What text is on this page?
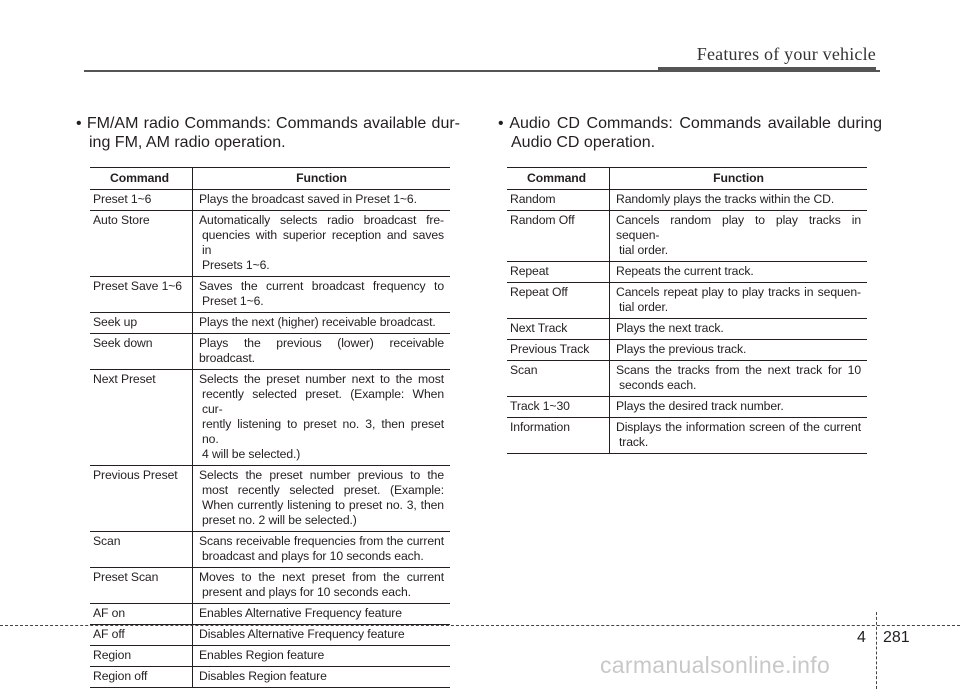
Features of your vehicle
• FM/AM radio Commands: Commands available dur-
ing FM, AM radio operation.
• Audio CD Commands: Commands available during
Audio CD operation.
Command	Function
Preset 1~6	Plays the broadcast saved in Preset 1~6.

Auto Store	Automatically selects radio broadcast fre-
quencies with superior reception and saves in
Presets 1~6.

Preset Save 1~6	Saves the current broadcast frequency to
Preset 1~6.

Seek up	Plays the next (higher) receivable broadcast.

Seek down	Plays the previous (lower) receivable broadcast.

Next Preset	Selects the preset number next to the most
recently selected preset. (Example: When cur-
rently listening to preset no. 3, then preset no.
4 will be selected.)

Previous Preset	Selects the preset number previous to the
most recently selected preset. (Example:
When currently listening to preset no. 3, then
preset no. 2 will be selected.)

Scan	Scans receivable frequencies from the current
broadcast and plays for 10 seconds each.

Preset Scan	Moves to the next preset from the current
present and plays for 10 seconds each.

AF on	Enables Alternative Frequency feature

AF off	Disables Alternative Frequency feature

Region	Enables Region feature

Region off	Disables Region feature
Command	Function
Random	Randomly plays the tracks within the CD.

Random Off	Cancels random play to play tracks in sequen-
tial order.

Repeat	Repeats the current track.

Repeat Off	Cancels repeat play to play tracks in sequen-
tial order.

Next Track	Plays the next track.

Previous Track	Plays the previous track.

Scan	Scans the tracks from the next track for 10
seconds each.

Track 1~30	Plays the desired track number.

Information	Displays the information screen of the current
track.
4 281
carmanualsonline.info
